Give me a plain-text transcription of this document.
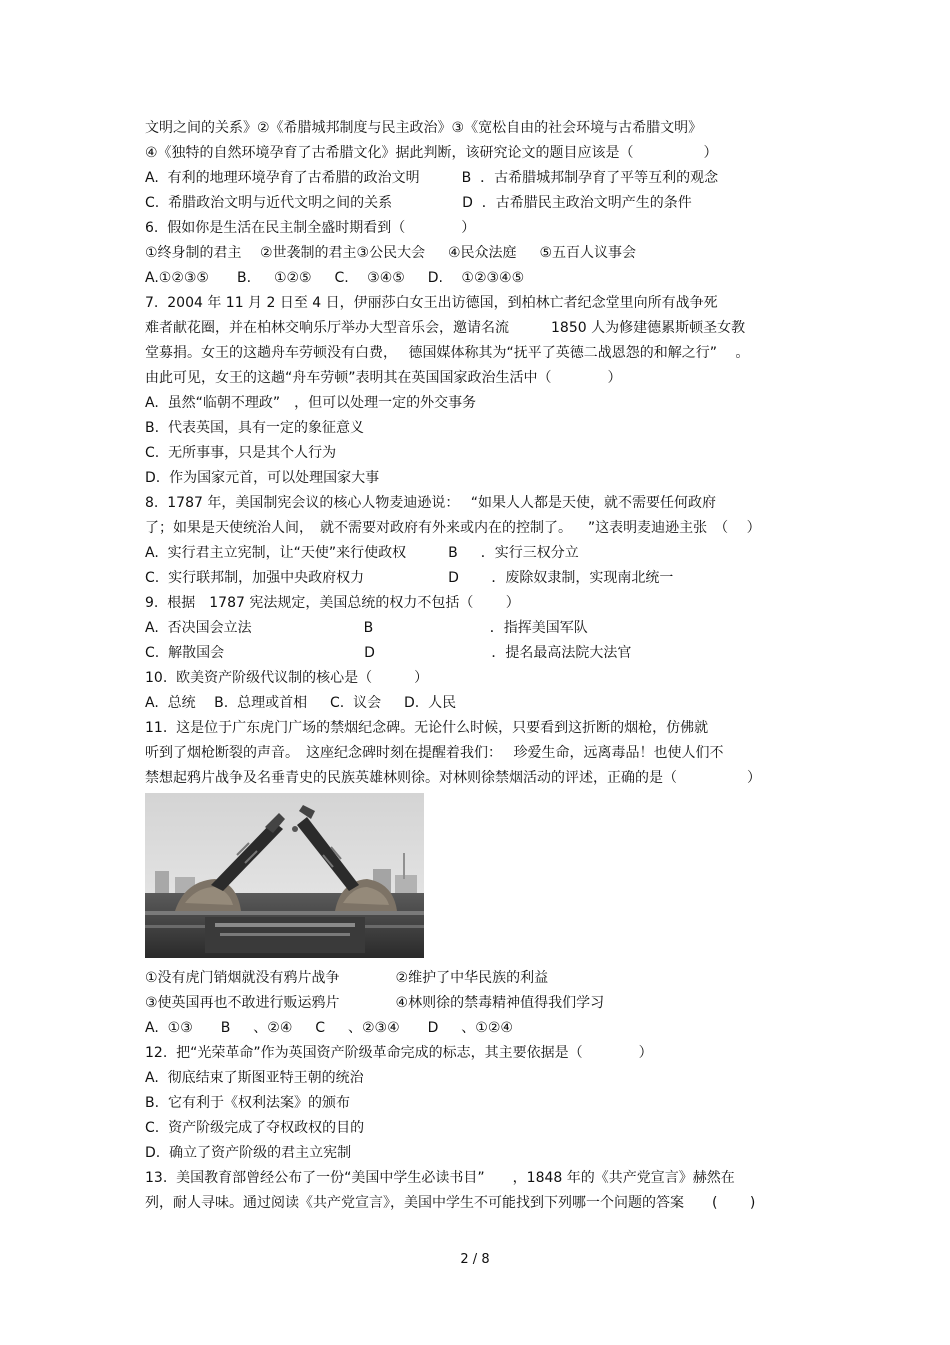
文明之间的关系》②《希腊城邦制度与民主政治》③《宽松自由的社会环境与古希腊文明》
④《独特的自然环境孕育了古希腊文化》据此判断，该研究论文的题目应该是（　　　　　）
A.  有利的地理环境孕育了古希腊的政治文明　　　B  ．古希腊城邦制孕育了平等互利的观念
C.  希腊政治文明与近代文明之间的关系　　　　　D  ．古希腊民主政治文明产生的条件
6.  假如你是生活在民主制全盛时期看到（　　　　）
①终身制的君主　 ②世袭制的君主③公民大会　  ④民众法庭　  ⑤五百人议事会
A.①②③⑤　　B.　  ①②⑤　  C.　 ③④⑤　  D.　 ①②③④⑤
7.  2004 年 11 月 2 日至 4 日，伊丽莎白女王出访德国，到柏林亡者纪念堂里向所有战争死
难者献花圈，并在柏林交响乐厅举办大型音乐会，邀请名流　　　1850 人为修建德累斯顿圣女教
堂募捐。女王的这趟舟车劳顿没有白费，　 德国媒体称其为“抚平了英德二战恩怨的和解之行”　 。
由此可见，女王的这趟“舟车劳顿”表明其在英国国家政治生活中（　　　　）
A.  虽然“临朝不理政”　，但可以处理一定的外交事务
B.  代表英国，具有一定的象征意义
C.  无所事事，只是其个人行为
D.  作为国家元首，可以处理国家大事
8.  1787 年，美国制宪会议的核心人物麦迪逊说：　 “如果人人都是天使，就不需要任何政府
了；如果是天使统治人间，　就不需要对政府有外来或内在的控制了。　  ”这表明麦迪逊主张　（　 ）
A.  实行君主立宪制，让“天使”来行使政权　　　B　  ．实行三权分立
C.  实行联邦制，加强中央政府权力　　　　　　D　　 ．废除奴隶制，实现南北统一
9.  根据　1787 宪法规定，美国总统的权力不包括（　　 ）
A.  否决国会立法　　　　　　　　B　　　　　　　　 ．指挥美国军队
C.  解散国会　　　　　　　　　　D　　　　　　　　 ．提名最高法院大法官
10.  欧美资产阶级代议制的核心是（　　　）
A.  总统　 B.  总理或首相　  C.  议会　  D.  人民
11.  这是位于广东虎门广场的禁烟纪念碑。无论什么时候，只要看到这折断的烟枪，仿佛就
听到了烟枪断裂的声音。　这座纪念碑时刻在提醒着我们：　 珍爱生命，远离毒品！也使人们不
禁想起鸦片战争及名垂青史的民族英雄林则徐。对林则徐禁烟活动的评述，正确的是（　　　　　）
①没有虎门销烟就没有鸦片战争　　　　②维护了中华民族的利益
③使英国再也不敢进行贩运鸦片　　　　④林则徐的禁毒精神值得我们学习
A.  ①③　　B　  、②④　  C　  、②③④　　D　  、①②④
12.  把“光荣革命”作为英国资产阶级革命完成的标志，其主要依据是（　　　　）
A.  彻底结束了斯图亚特王朝的统治
B.  它有利于《权利法案》的颁布
C.  资产阶级完成了夺权政权的目的
D.  确立了资产阶级的君主立宪制
13.  美国教育部曾经公布了一份“美国中学生必读书目”　　，1848 年的《共产党宣言》赫然在
列，耐人寻味。通过阅读《共产党宣言》，美国中学生不可能找到下列哪一个问题的答案　　(　　 )
2 / 8
